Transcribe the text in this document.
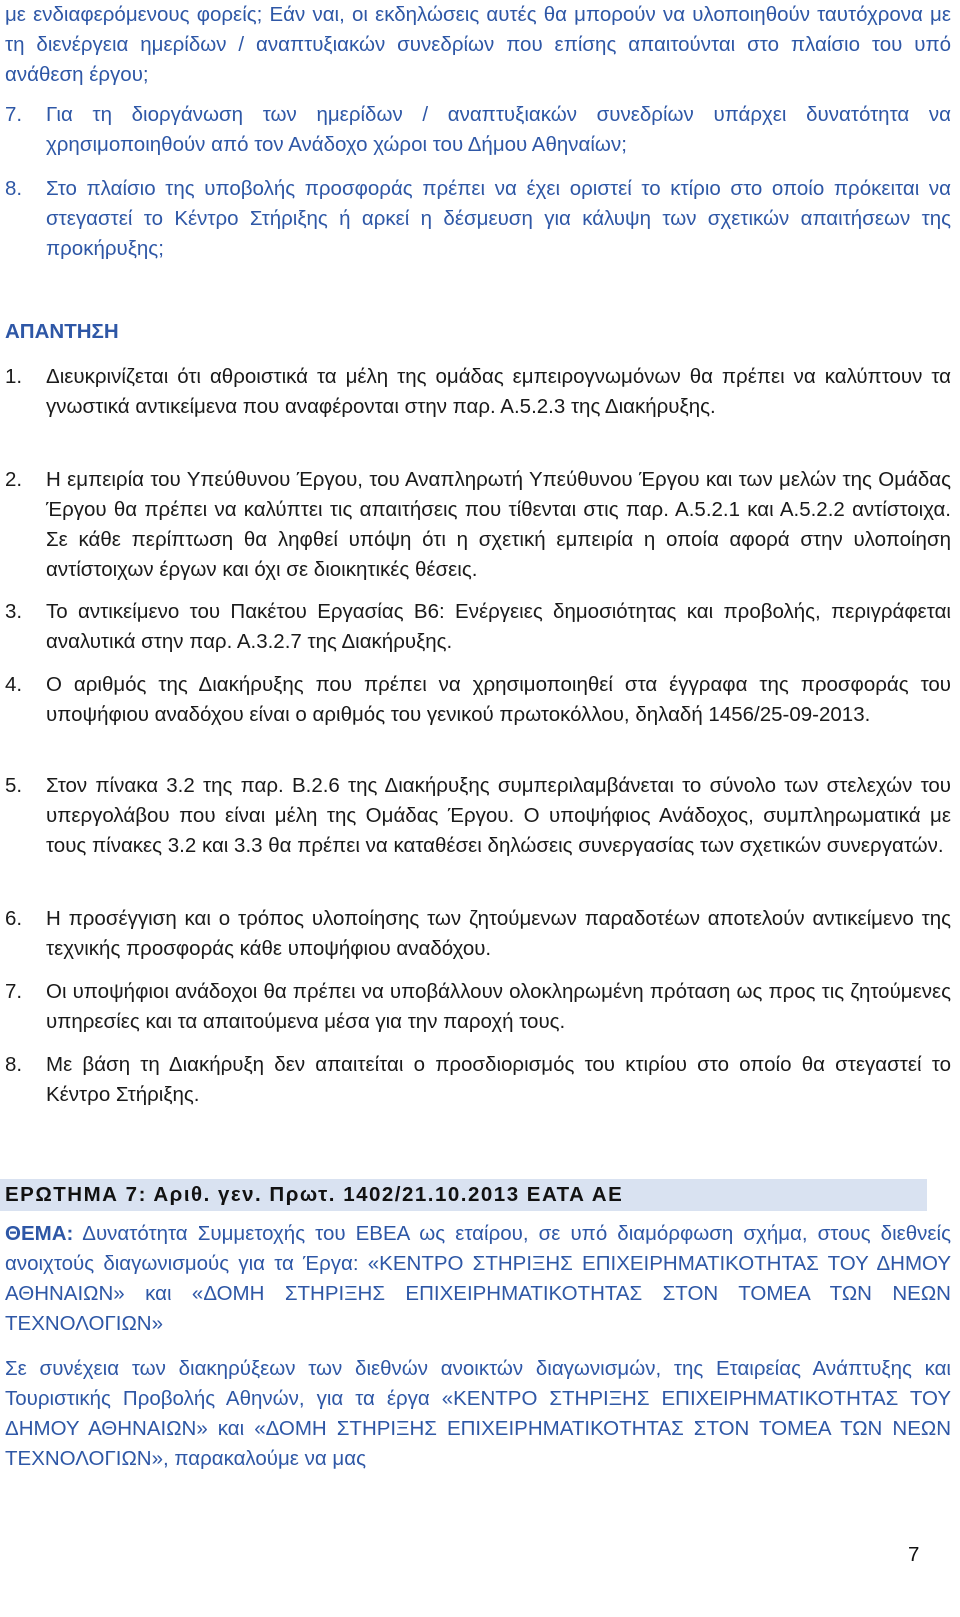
με ενδιαφερόμενους φορείς; Εάν ναι, οι εκδηλώσεις αυτές θα μπορούν να υλοποιηθούν ταυτόχρονα με τη διενέργεια ημερίδων / αναπτυξιακών συνεδρίων που επίσης απαιτούνται στο πλαίσιο του υπό ανάθεση έργου;
7.	Για τη διοργάνωση των ημερίδων / αναπτυξιακών συνεδρίων υπάρχει δυνατότητα να χρησιμοποιηθούν από τον Ανάδοχο χώροι του Δήμου Αθηναίων;
8.	Στο πλαίσιο της υποβολής προσφοράς πρέπει να έχει οριστεί το κτίριο στο οποίο πρόκειται να στεγαστεί το Κέντρο Στήριξης ή αρκεί η δέσμευση για κάλυψη των σχετικών απαιτήσεων της προκήρυξης;
ΑΠΑΝΤΗΣΗ
1.	Διευκρινίζεται ότι αθροιστικά τα μέλη της ομάδας εμπειρογνωμόνων θα πρέπει να καλύπτουν τα γνωστικά αντικείμενα που αναφέρονται στην παρ. Α.5.2.3 της Διακήρυξης.
2.	Η εμπειρία του Υπεύθυνου Έργου, του Αναπληρωτή Υπεύθυνου Έργου και των μελών της Ομάδας Έργου θα πρέπει να καλύπτει τις απαιτήσεις που τίθενται στις παρ. Α.5.2.1 και Α.5.2.2 αντίστοιχα. Σε κάθε περίπτωση θα ληφθεί υπόψη ότι η σχετική εμπειρία η οποία αφορά στην υλοποίηση αντίστοιχων έργων και όχι σε διοικητικές θέσεις.
3.	Το αντικείμενο του Πακέτου Εργασίας Β6: Ενέργειες δημοσιότητας και προβολής, περιγράφεται αναλυτικά στην παρ. Α.3.2.7 της Διακήρυξης.
4.	Ο αριθμός της Διακήρυξης που πρέπει να χρησιμοποιηθεί στα έγγραφα της προσφοράς του υποψήφιου αναδόχου είναι ο αριθμός του γενικού πρωτοκόλλου, δηλαδή 1456/25-09-2013.
5.	Στον πίνακα 3.2 της παρ. Β.2.6 της Διακήρυξης συμπεριλαμβάνεται το σύνολο των στελεχών του υπεργολάβου που είναι μέλη της Ομάδας Έργου. Ο υποψήφιος Ανάδοχος, συμπληρωματικά με τους πίνακες 3.2 και 3.3 θα πρέπει να καταθέσει δηλώσεις συνεργασίας των σχετικών συνεργατών.
6.	Η προσέγγιση και ο τρόπος υλοποίησης των ζητούμενων παραδοτέων αποτελούν αντικείμενο της τεχνικής προσφοράς κάθε υποψήφιου αναδόχου.
7.	Οι υποψήφιοι ανάδοχοι θα πρέπει να υποβάλλουν ολοκληρωμένη πρόταση ως προς τις ζητούμενες υπηρεσίες και τα απαιτούμενα μέσα για την παροχή τους.
8.	Με βάση τη Διακήρυξη δεν απαιτείται ο προσδιορισμός του κτιρίου στο οποίο θα στεγαστεί το Κέντρο Στήριξης.
ΕΡΩΤΗΜΑ 7: Αριθ. γεν. Πρωτ. 1402/21.10.2013 ΕΑΤΑ ΑΕ
ΘΕΜΑ: Δυνατότητα Συμμετοχής του ΕΒΕΑ ως εταίρου, σε υπό διαμόρφωση σχήμα, στους διεθνείς ανοιχτούς διαγωνισμούς για τα Έργα: «ΚΕΝΤΡΟ ΣΤΗΡΙΞΗΣ ΕΠΙΧΕΙΡΗΜΑΤΙΚΟΤΗΤΑΣ ΤΟΥ ΔΗΜΟΥ ΑΘΗΝΑΙΩΝ» και «ΔΟΜΗ ΣΤΗΡΙΞΗΣ ΕΠΙΧΕΙΡΗΜΑΤΙΚΟΤΗΤΑΣ ΣΤΟΝ ΤΟΜΕΑ ΤΩΝ ΝΕΩΝ ΤΕΧΝΟΛΟΓΙΩΝ»
Σε συνέχεια των διακηρύξεων των διεθνών ανοικτών διαγωνισμών, της Εταιρείας Ανάπτυξης και Τουριστικής Προβολής Αθηνών, για τα έργα «ΚΕΝΤΡΟ ΣΤΗΡΙΞΗΣ ΕΠΙΧΕΙΡΗΜΑΤΙΚΟΤΗΤΑΣ ΤΟΥ ΔΗΜΟΥ ΑΘΗΝΑΙΩΝ» και «ΔΟΜΗ ΣΤΗΡΙΞΗΣ ΕΠΙΧΕΙΡΗΜΑΤΙΚΟΤΗΤΑΣ ΣΤΟΝ ΤΟΜΕΑ ΤΩΝ ΝΕΩΝ ΤΕΧΝΟΛΟΓΙΩΝ», παρακαλούμε να μας
7
